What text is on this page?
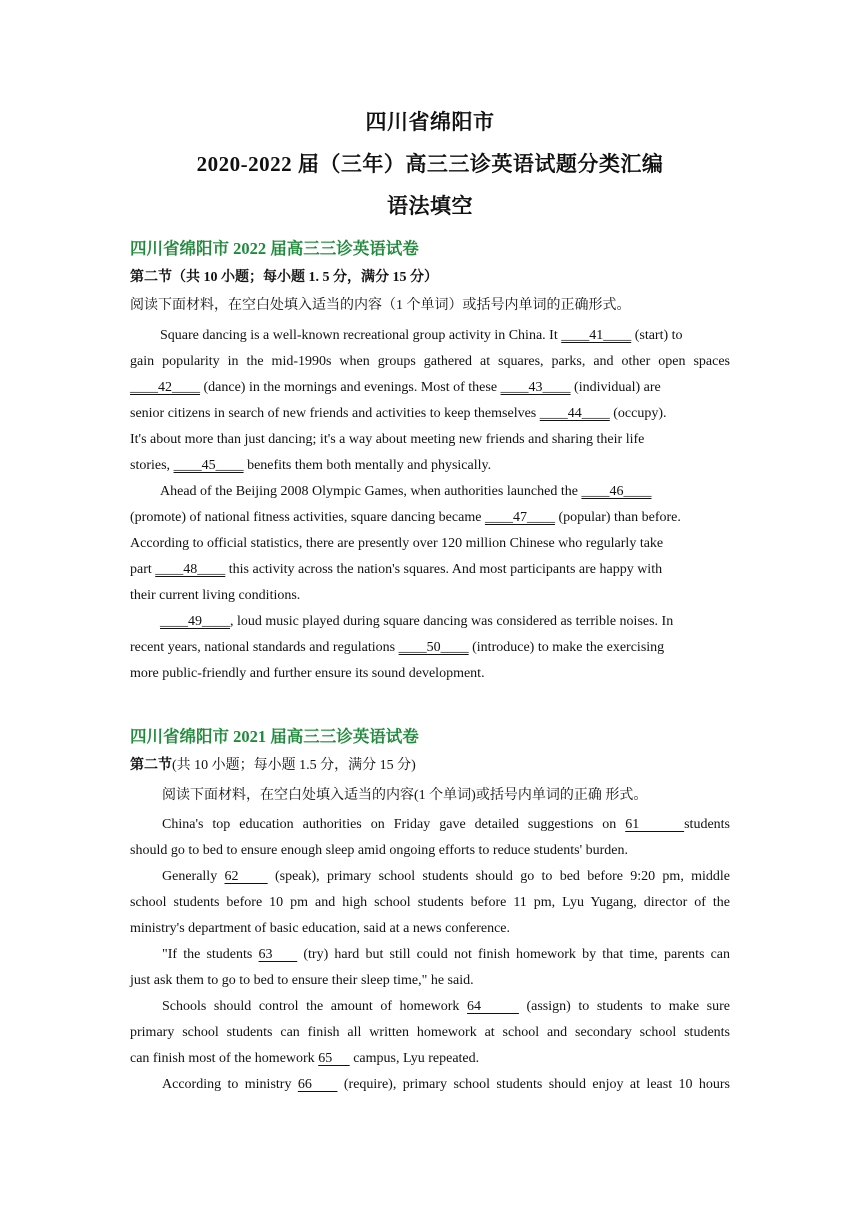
四川省绵阳市
2020-2022 届（三年）高三三诊英语试题分类汇编
语法填空
四川省绵阳市 2022 届高三三诊英语试卷
第二节（共 10 小题；每小题 1. 5 分，满分 15 分）
阅读下面材料，在空白处填入适当的内容（1 个单词）或括号内单词的正确形式。
Square dancing is a well-known recreational group activity in China. It ____41____ (start) to
gain popularity in the mid-1990s when groups gathered at squares, parks, and other open spaces
____42____ (dance) in the mornings and evenings. Most of these ____43____ (individual) are
senior citizens in search of new friends and activities to keep themselves ____44____ (occupy).
It's about more than just dancing; it's a way about meeting new friends and sharing their life
stories, ____45____ benefits them both mentally and physically.
Ahead of the Beijing 2008 Olympic Games, when authorities launched the ____46____
(promote) of national fitness activities, square dancing became ____47____ (popular) than before.
According to official statistics, there are presently over 120 million Chinese who regularly take
part ____48____ this activity across the nation's squares. And most participants are happy with
their current living conditions.
____49____, loud music played during square dancing was considered as terrible noises. In
recent years, national standards and regulations ____50____ (introduce) to make the exercising
more public-friendly and further ensure its sound development.
四川省绵阳市 2021 届高三三诊英语试卷
第二节(共 10 小题；每小题 1.5 分，满分 15 分)
阅读下面材料，在空白处填入适当的内容(1 个单词)或括号内单词的正确 形式。
China's top education authorities on Friday gave detailed suggestions on 61     students
should go to bed to ensure enough sleep amid ongoing efforts to reduce students' burden.
Generally 62     (speak), primary school students should go to bed before 9:20 pm, middle
school students before 10 pm and high school students before 11 pm, Lyu Yugang, director of the
ministry's department of basic education, said at a news conference.
"If the students 63     (try) hard but still could not finish homework by that time, parents can
just ask them to go to bed to ensure their sleep time," he said.
Schools should control the amount of homework 64      (assign) to students to make sure
primary school students can finish all written homework at school and secondary school students
can finish most of the homework 65      campus, Lyu repeated.
According to ministry 66     (require), primary school students should enjoy at least 10 hours
